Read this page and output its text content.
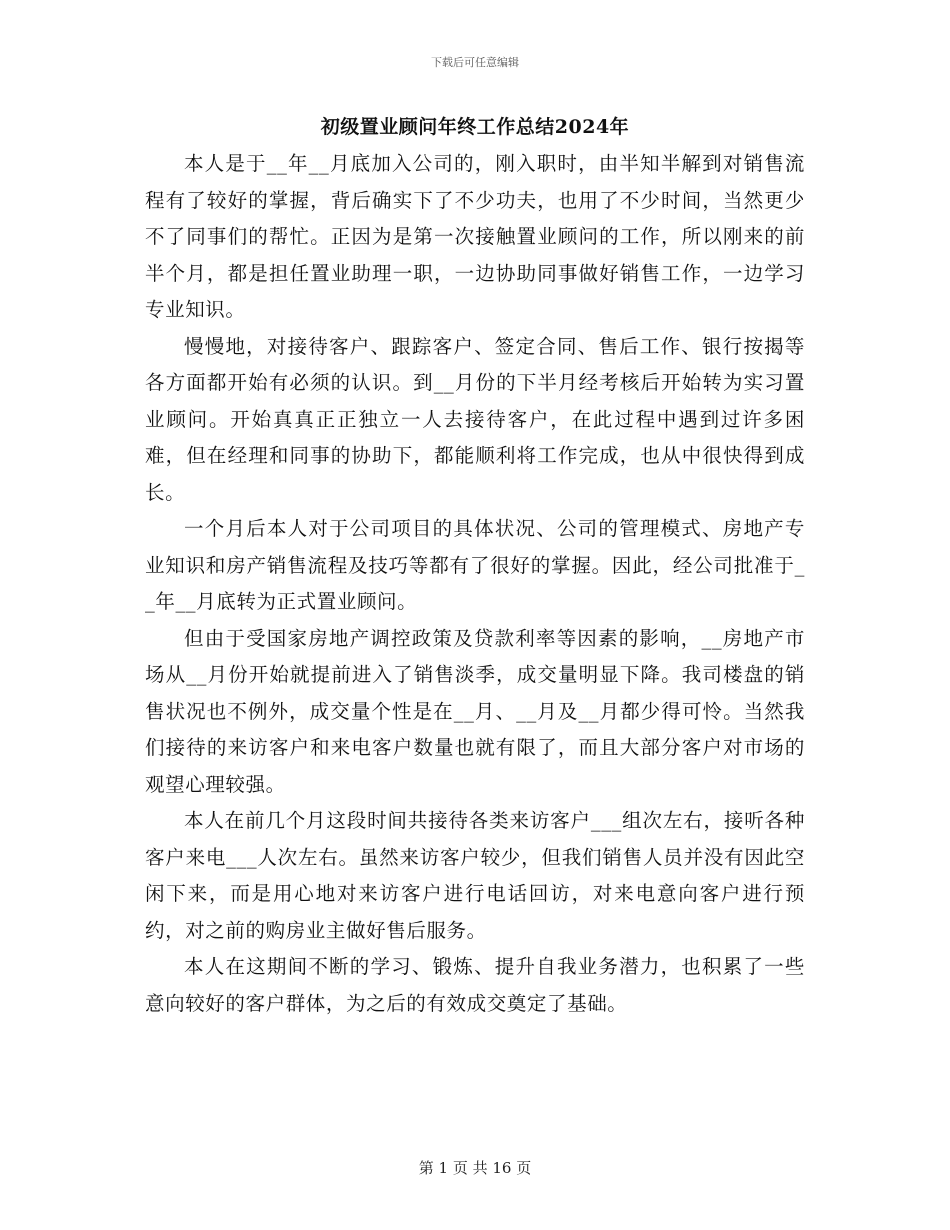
下载后可任意编辑
初级置业顾问年终工作总结2024年

本人是于__年__月底加入公司的，刚入职时，由半知半解到对销售流程有了较好的掌握，背后确实下了不少功夫，也用了不少时间，当然更少不了同事们的帮忙。正因为是第一次接触置业顾问的工作，所以刚来的前半个月，都是担任置业助理一职，一边协助同事做好销售工作，一边学习专业知识。

慢慢地，对接待客户、跟踪客户、签定合同、售后工作、银行按揭等各方面都开始有必须的认识。到__月份的下半月经考核后开始转为实习置业顾问。开始真真正正独立一人去接待客户，在此过程中遇到过许多困难，但在经理和同事的协助下，都能顺利将工作完成，也从中很快得到成长。

一个月后本人对于公司项目的具体状况、公司的管理模式、房地产专业知识和房产销售流程及技巧等都有了很好的掌握。因此，经公司批准于__年__月底转为正式置业顾问。

但由于受国家房地产调控政策及贷款利率等因素的影响，__房地产市场从__月份开始就提前进入了销售淡季，成交量明显下降。我司楼盘的销售状况也不例外，成交量个性是在__月、__月及__月都少得可怜。当然我们接待的来访客户和来电客户数量也就有限了，而且大部分客户对市场的观望心理较强。

本人在前几个月这段时间共接待各类来访客户___组次左右，接听各种客户来电___人次左右。虽然来访客户较少，但我们销售人员并没有因此空闲下来，而是用心地对来访客户进行电话回访，对来电意向客户进行预约，对之前的购房业主做好售后服务。

本人在这期间不断的学习、锻炼、提升自我业务潜力，也积累了一些意向较好的客户群体，为之后的有效成交奠定了基础。

第 1 页 共 16 页
